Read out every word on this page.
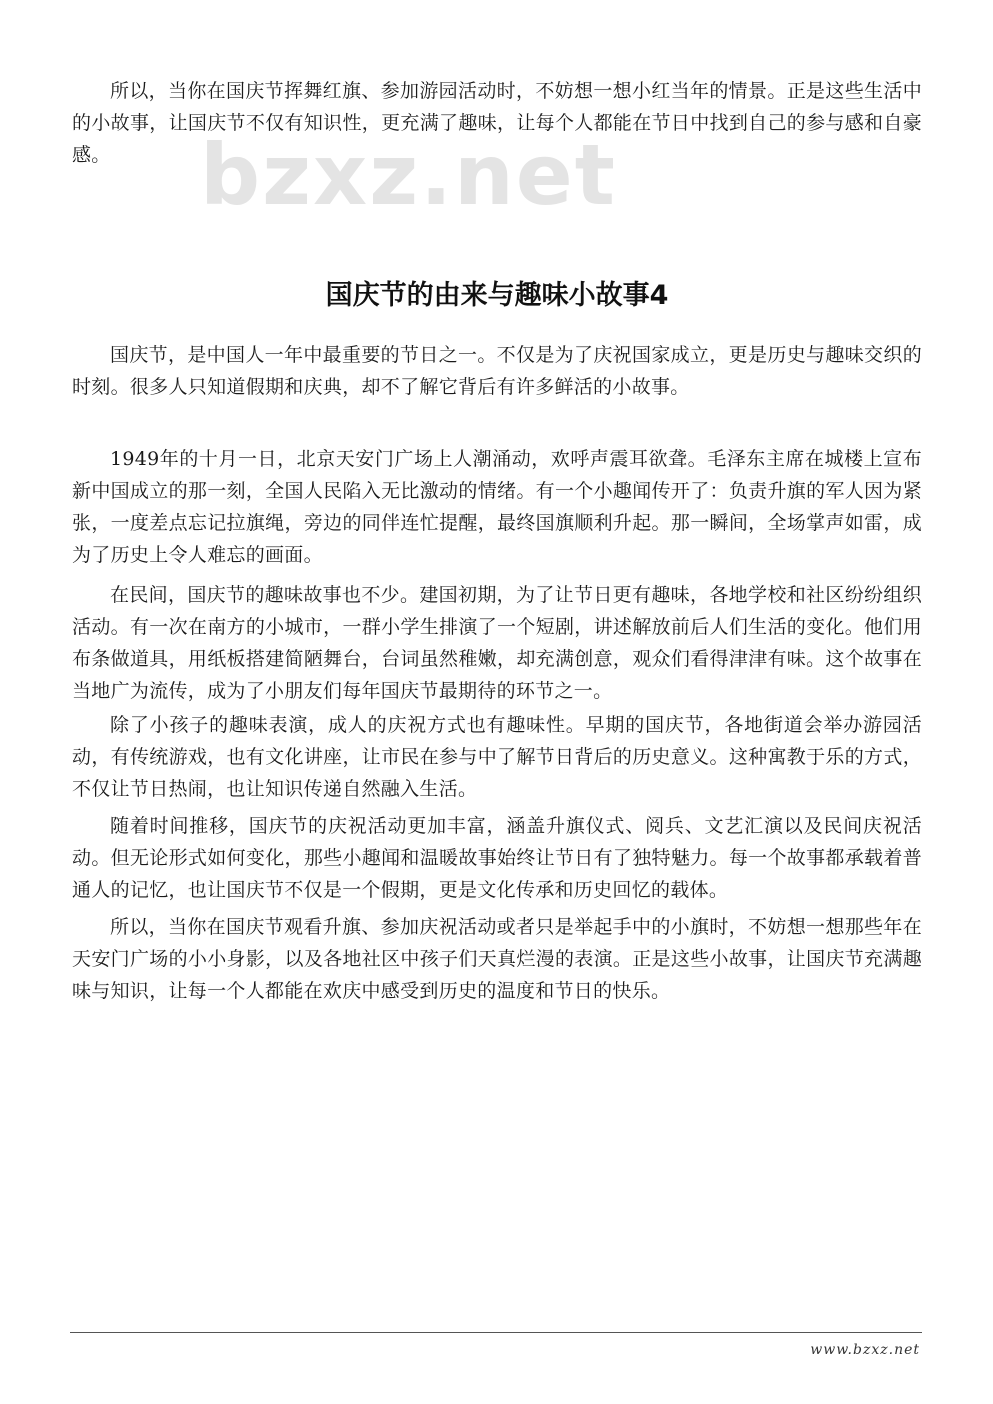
bzxz.net

所以，当你在国庆节挥舞红旗、参加游园活动时，不妨想一想小红当年的情景。正是这些生活中的小故事，让国庆节不仅有知识性，更充满了趣味，让每个人都能在节日中找到自己的参与感和自豪感。

国庆节的由来与趣味小故事4

国庆节，是中国人一年中最重要的节日之一。不仅是为了庆祝国家成立，更是历史与趣味交织的时刻。很多人只知道假期和庆典，却不了解它背后有许多鲜活的小故事。

1949年的十月一日，北京天安门广场上人潮涌动，欢呼声震耳欲聋。毛泽东主席在城楼上宣布新中国成立的那一刻，全国人民陷入无比激动的情绪。有一个小趣闻传开了：负责升旗的军人因为紧张，一度差点忘记拉旗绳，旁边的同伴连忙提醒，最终国旗顺利升起。那一瞬间，全场掌声如雷，成为了历史上令人难忘的画面。

在民间，国庆节的趣味故事也不少。建国初期，为了让节日更有趣味，各地学校和社区纷纷组织活动。有一次在南方的小城市，一群小学生排演了一个短剧，讲述解放前后人们生活的变化。他们用布条做道具，用纸板搭建简陋舞台，台词虽然稚嫩，却充满创意，观众们看得津津有味。这个故事在当地广为流传，成为了小朋友们每年国庆节最期待的环节之一。

除了小孩子的趣味表演，成人的庆祝方式也有趣味性。早期的国庆节，各地街道会举办游园活动，有传统游戏，也有文化讲座，让市民在参与中了解节日背后的历史意义。这种寓教于乐的方式，不仅让节日热闹，也让知识传递自然融入生活。

随着时间推移，国庆节的庆祝活动更加丰富，涵盖升旗仪式、阅兵、文艺汇演以及民间庆祝活动。但无论形式如何变化，那些小趣闻和温暖故事始终让节日有了独特魅力。每一个故事都承载着普通人的记忆，也让国庆节不仅是一个假期，更是文化传承和历史回忆的载体。

所以，当你在国庆节观看升旗、参加庆祝活动或者只是举起手中的小旗时，不妨想一想那些年在天安门广场的小小身影，以及各地社区中孩子们天真烂漫的表演。正是这些小故事，让国庆节充满趣味与知识，让每一个人都能在欢庆中感受到历史的温度和节日的快乐。

www.bzxz.net
